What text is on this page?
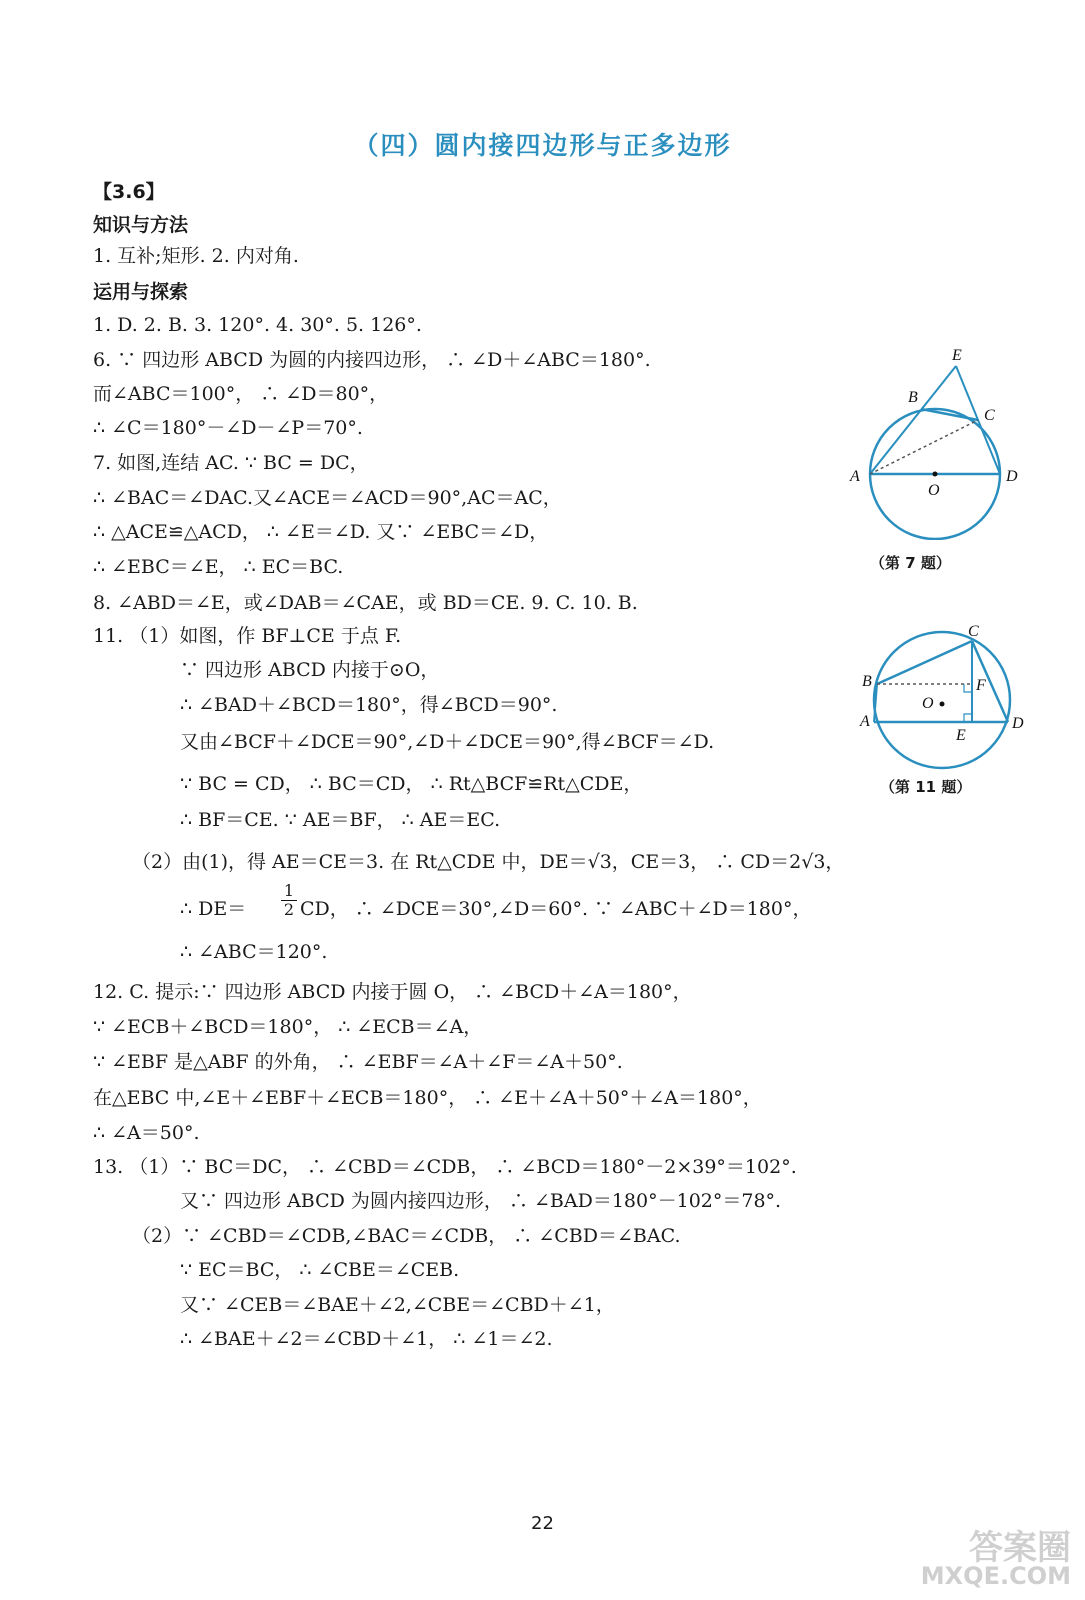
（四）圆内接四边形与正多边形
【3.6】
知识与方法
1. 互补;矩形. 2. 内对角.
运用与探索
1. D. 2. B. 3. 120°. 4. 30°. 5. 126°.
6. ∵ 四边形 ABCD 为圆的内接四边形， ∴ ∠D＋∠ABC＝180°.
而∠ABC＝100°， ∴ ∠D＝80°，
∴ ∠C＝180°－∠D－∠P＝70°.
7. 如图,连结 AC. ∵ BC = DC，
∴ ∠BAC＝∠DAC.又∠ACE＝∠ACD＝90°,AC＝AC，
∴ △ACE≌△ACD， ∴ ∠E＝∠D. 又∵ ∠EBC＝∠D，
∴ ∠EBC＝∠E， ∴ EC＝BC.
8. ∠ABD＝∠E，或∠DAB＝∠CAE，或 BD＝CE. 9. C. 10. B.
11. （1）如图，作 BF⊥CE 于点 F.
∵ 四边形 ABCD 内接于⊙O，
∴ ∠BAD＋∠BCD＝180°，得∠BCD＝90°.
又由∠BCF＋∠DCE＝90°,∠D＋∠DCE＝90°,得∠BCF＝∠D.
∵ BC = CD， ∴ BC＝CD， ∴ Rt△BCF≌Rt△CDE，
∴ BF＝CE. ∵ AE＝BF， ∴ AE＝EC.
（2）由(1)，得 AE＝CE＝3. 在 Rt△CDE 中，DE＝√3，CE＝3， ∴ CD＝2√3，
∴ $DE= \frac{1}{2}$ CD， ∴ ∠DCE＝30°,∠D＝60°. ∵ ∠ABC＋∠D＝180°，
∴ ∠ABC＝120°.
12. C. 提示:∵ 四边形 ABCD 内接于圆 O， ∴ ∠BCD＋∠A＝180°，
∵ ∠ECB＋∠BCD＝180°， ∴ ∠ECB＝∠A，
∵ ∠EBF 是△ABF 的外角， ∴ ∠EBF＝∠A＋∠F＝∠A＋50°.
在△EBC 中,∠E＋∠EBF＋∠ECB＝180°， ∴ ∠E＋∠A＋50°＋∠A＝180°，
∴ ∠A＝50°.
13. （1）∵ BC＝DC， ∴ ∠CBD＝∠CDB， ∴ ∠BCD＝180°－2×39°＝102°.
又∵ 四边形 ABCD 为圆内接四边形， ∴ ∠BAD＝180°－102°＝78°.
（2）∵ ∠CBD＝∠CDB,∠BAC＝∠CDB， ∴ ∠CBD＝∠BAC.
∵ EC＝BC， ∴ ∠CBE＝∠CEB.
又∵ ∠CEB＝∠BAE＋∠2,∠CBE＝∠CBD＋∠1，
∴ ∠BAE＋∠2＝∠CBD＋∠1， ∴ ∠1＝∠2.
E
B
C
A
O
D
（第 7 题）
C
B
O
F
A
E
D
（第 11 题）
22
答案圈
MXQE.COM
